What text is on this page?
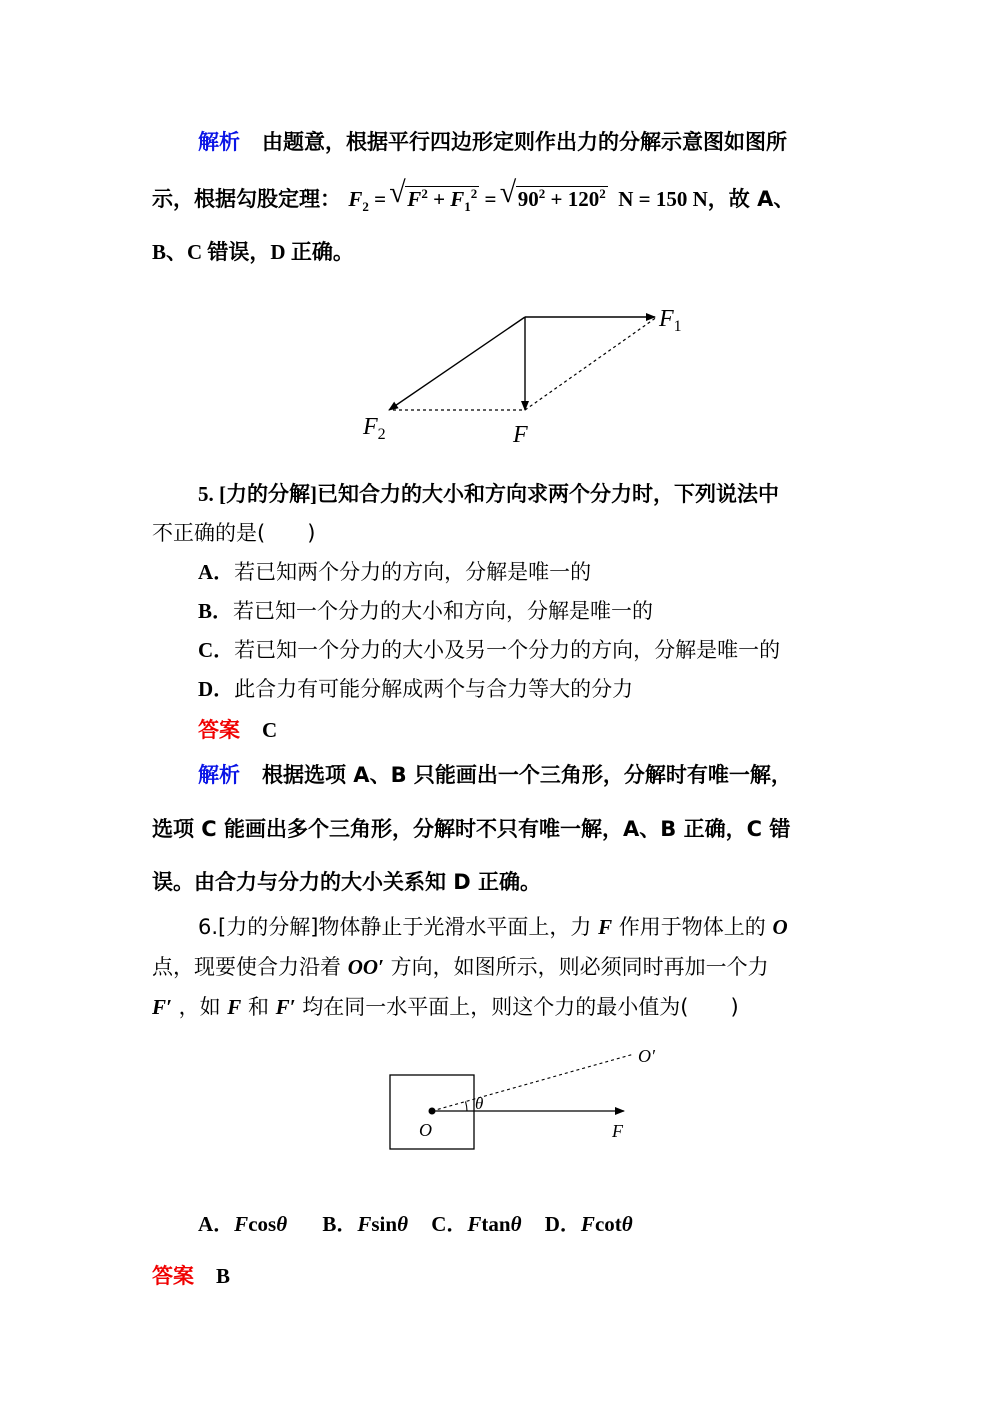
解析 由题意，根据平行四边形定则作出力的分解示意图如图所
示，根据勾股定理： $F_2$ = √ $F^2 + F_1^2$ = √ $90^2 + 120^2$ N = 150 N，故 A、
B、C 错误，D 正确。
$F_1$
$F_2$	F
5. [力的分解]已知合力的大小和方向求两个分力时，下列说法中
不正确的是(　　)
A．若已知两个分力的方向，分解是唯一的
B．若已知一个分力的大小和方向，分解是唯一的
C．若已知一个分力的大小及另一个分力的方向，分解是唯一的
D．此合力有可能分解成两个与合力等大的分力
答案 C
解析 根据选项 A、B 只能画出一个三角形，分解时有唯一解，
选项 C 能画出多个三角形，分解时不只有唯一解，A、B 正确，C 错
误。由合力与分力的大小关系知 D 正确。
6.[力的分解]物体静止于光滑水平面上，力 F 作用于物体上的 O
点，现要使合力沿着 OO′ 方向，如图所示，则必须同时再加一个力
F′ ，如 F 和 F′ 均在同一水平面上，则这个力的最小值为(　　)
θ
O
O′
F
A．Fcosθ B．Fsinθ C．Ftanθ D．Fcotθ
答案 B
